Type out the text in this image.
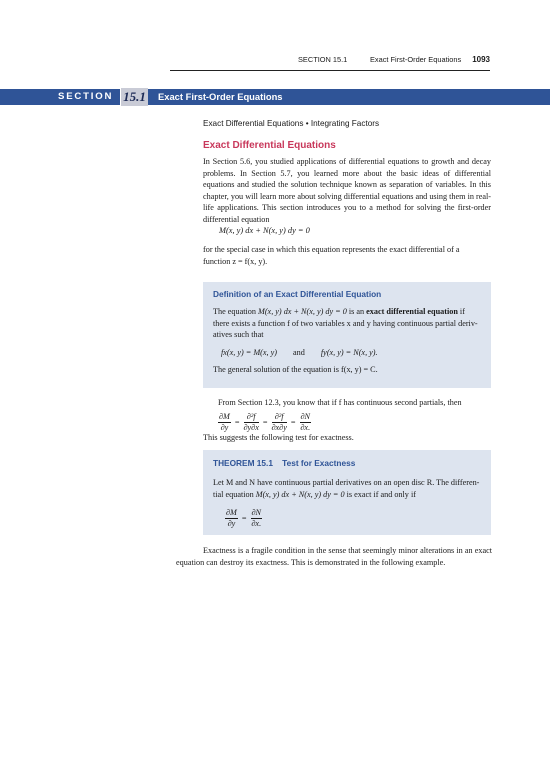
SECTION 15.1	Exact First-Order Equations 1093
SECTION 15.1 Exact First-Order Equations
Exact Differential Equations • Integrating Factors
Exact Differential Equations
In Section 5.6, you studied applications of differential equations to growth and decay problems. In Section 5.7, you learned more about the basic ideas of differential equations and studied the solution technique known as separation of variables. In this chapter, you will learn more about solving differential equations and using them in real-life applications. This section introduces you to a method for solving the first-order differential equation
M(x, y) dx + N(x, y) dy = 0
for the special case in which this equation represents the exact differential of a
function z = f(x, y).
Definition of an Exact Differential Equation
The equation M(x, y) dx + N(x, y) dy = 0 is an exact differential equation if
there exists a function f of two variables x and y having continuous partial deriv-
atives such that
fx(x, y) = M(x, y) and fy(x, y) = N(x, y).
The general solution of the equation is f(x, y) = C.
From Section 12.3, you know that if f has continuous second partials, then
$\frac{\partial M}{\partial y} = \frac{\text{∂²f}}{\partial y\partial x} = \frac{\text{∂²f}}{\partial x\partial y} = \frac{\partial N}{\partial x.}$
This suggests the following test for exactness.
THEOREM 15.1    Test for Exactness
Let M and N have continuous partial derivatives on an open disc R. The differen-
tial equation M(x, y) dx + N(x, y) dy = 0 is exact if and only if
$\frac{\partial M}{\partial y} = \frac{\partial N}{\partial x.}$
Exactness is a fragile condition in the sense that seemingly minor alterations in an exact equation can destroy its exactness. This is demonstrated in the following example.
